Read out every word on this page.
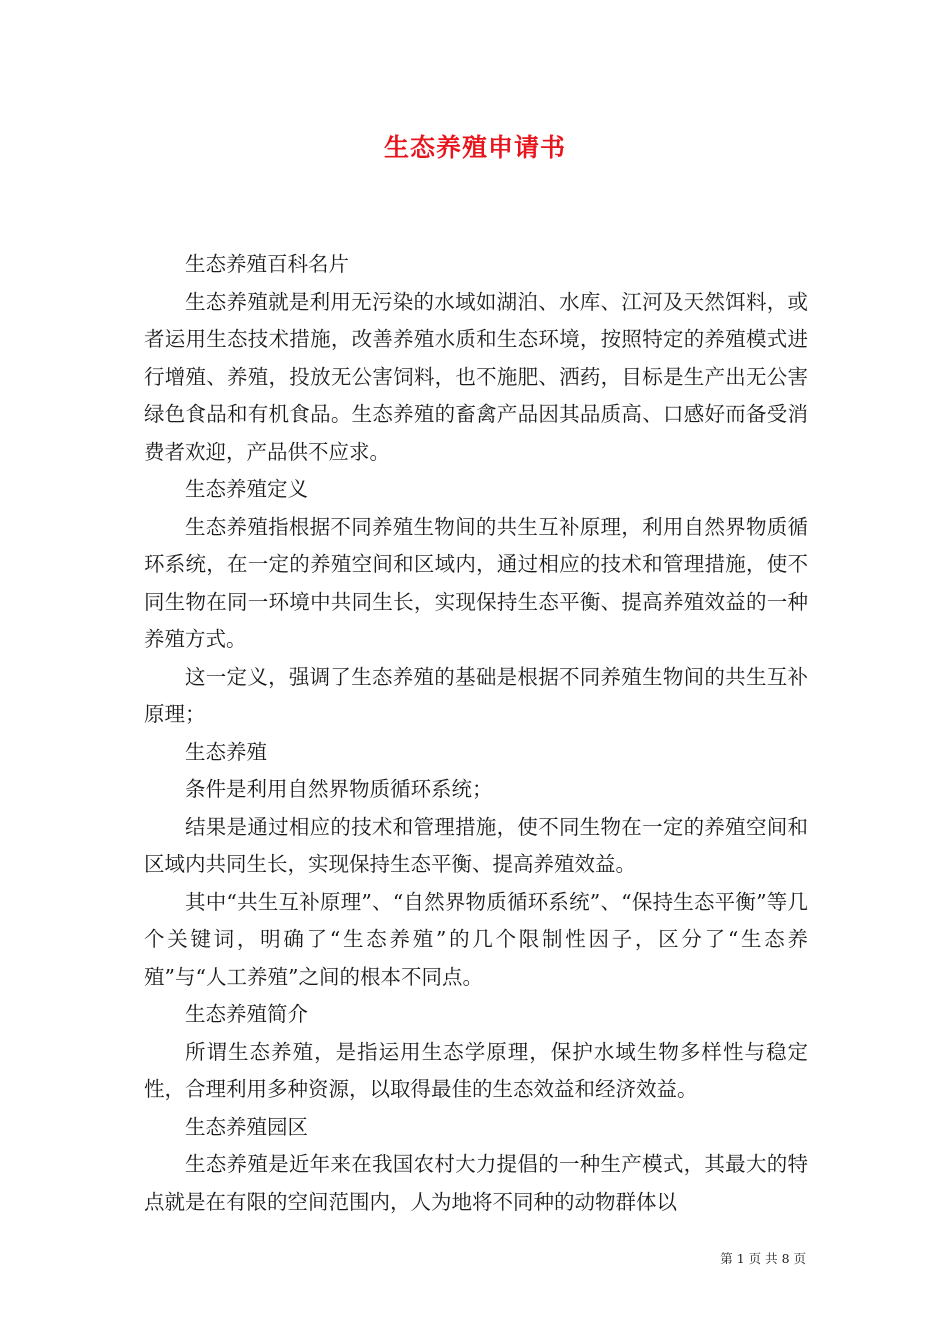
生态养殖申请书

生态养殖百科名片

生态养殖就是利用无污染的水域如湖泊、水库、江河及天然饵料，或者运用生态技术措施，改善养殖水质和生态环境，按照特定的养殖模式进行增殖、养殖，投放无公害饲料，也不施肥、洒药，目标是生产出无公害绿色食品和有机食品。生态养殖的畜禽产品因其品质高、口感好而备受消费者欢迎，产品供不应求。

生态养殖定义

生态养殖指根据不同养殖生物间的共生互补原理，利用自然界物质循环系统，在一定的养殖空间和区域内，通过相应的技术和管理措施，使不同生物在同一环境中共同生长，实现保持生态平衡、提高养殖效益的一种养殖方式。

这一定义，强调了生态养殖的基础是根据不同养殖生物间的共生互补原理；

生态养殖

条件是利用自然界物质循环系统；

结果是通过相应的技术和管理措施，使不同生物在一定的养殖空间和区域内共同生长，实现保持生态平衡、提高养殖效益。

其中“共生互补原理”、“自然界物质循环系统”、“保持生态平衡”等几个关键词，明确了“生态养殖”的几个限制性因子，区分了“生态养殖”与“人工养殖”之间的根本不同点。

生态养殖简介

所谓生态养殖，是指运用生态学原理，保护水域生物多样性与稳定性，合理利用多种资源，以取得最佳的生态效益和经济效益。

生态养殖园区

生态养殖是近年来在我国农村大力提倡的一种生产模式，其最大的特点就是在有限的空间范围内，人为地将不同种的动物群体以

第 1 页 共 8 页
